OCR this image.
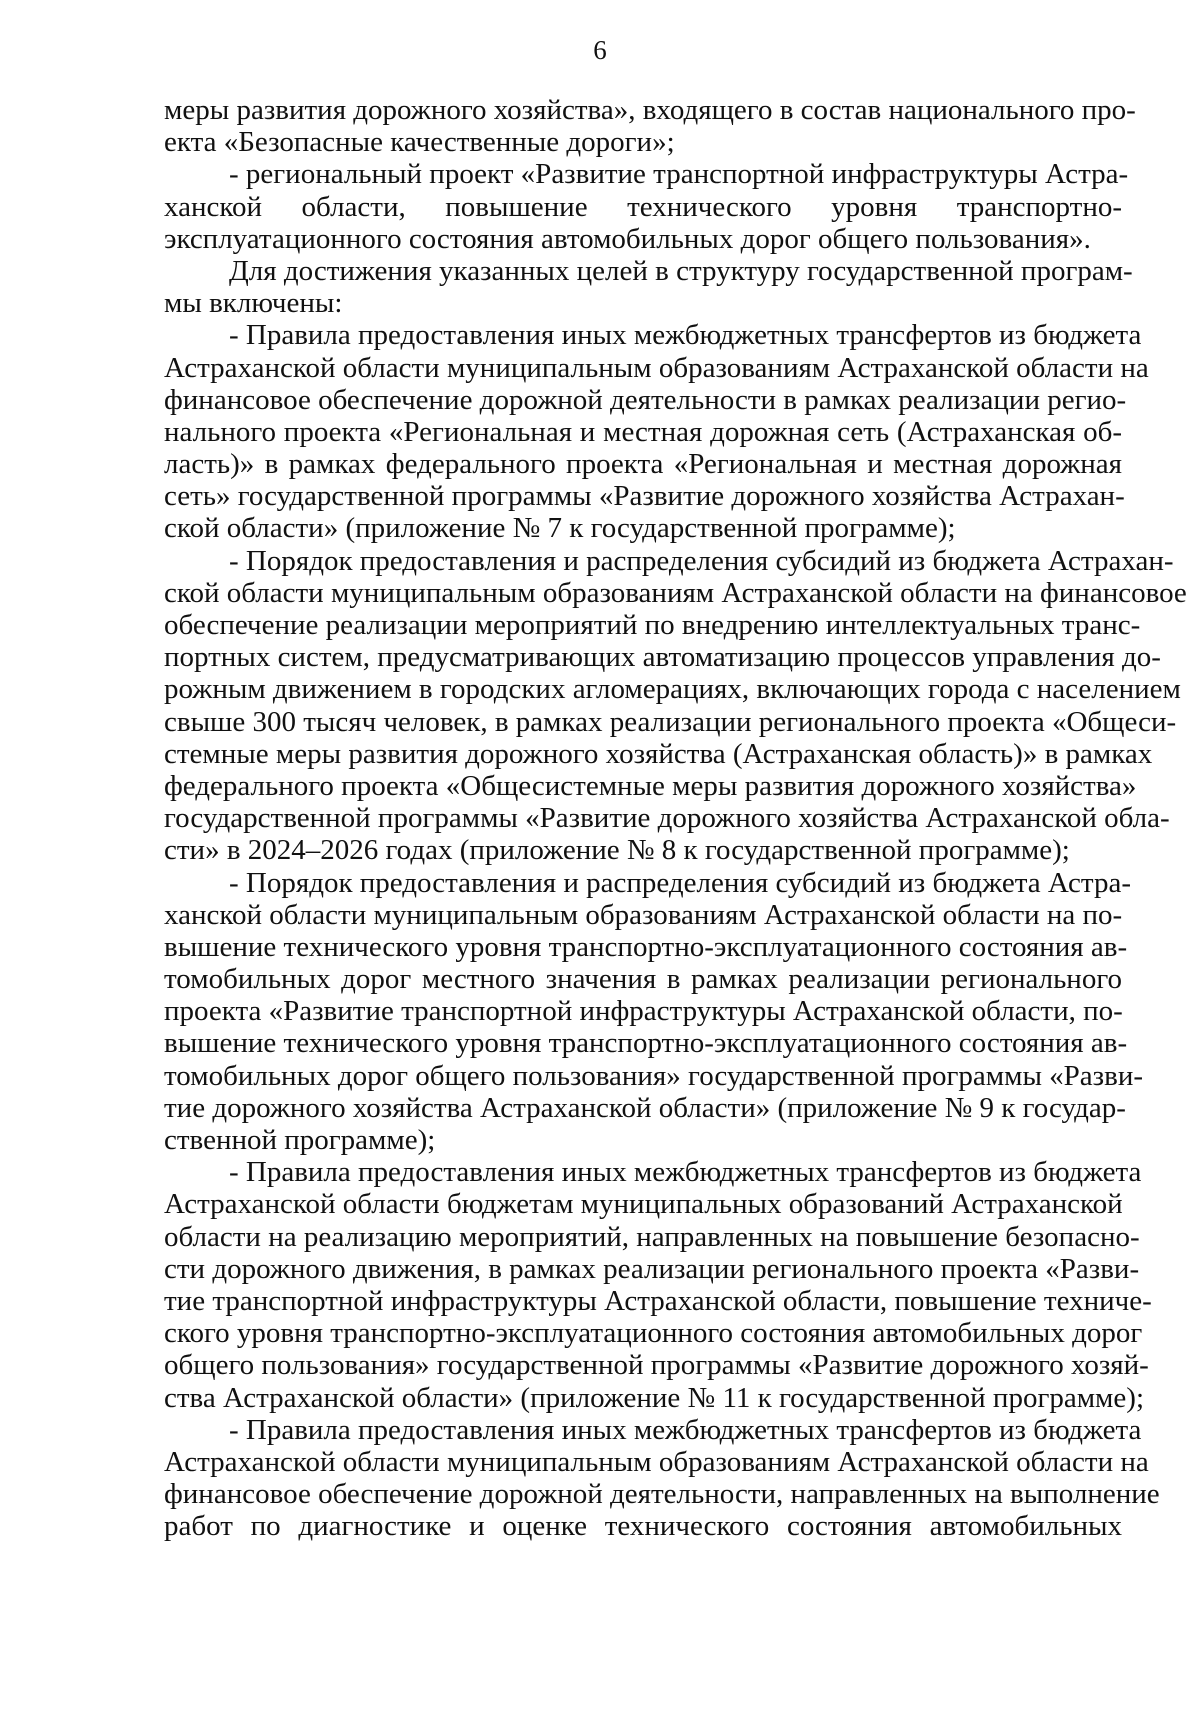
6
меры развития дорожного хозяйства», входящего в состав национального про-
екта «Безопасные качественные дороги»;
- региональный проект «Развитие транспортной инфраструктуры Астра-
ханской области, повышение технического уровня транспортно-
эксплуатационного состояния автомобильных дорог общего пользования».
Для достижения указанных целей в структуру государственной програм-
мы включены:
- Правила предоставления иных межбюджетных трансфертов из бюджета
Астраханской области муниципальным образованиям Астраханской области на
финансовое обеспечение дорожной деятельности в рамках реализации регио-
нального проекта «Региональная и местная дорожная сеть (Астраханская об-
ласть)» в рамках федерального проекта «Региональная и местная дорожная
сеть» государственной программы «Развитие дорожного хозяйства Астрахан-
ской области» (приложение № 7 к государственной программе);
- Порядок предоставления и распределения субсидий из бюджета Астрахан-
ской области муниципальным образованиям Астраханской области на финансовое
обеспечение реализации мероприятий по внедрению интеллектуальных транс-
портных систем, предусматривающих автоматизацию процессов управления до-
рожным движением в городских агломерациях, включающих города с населением
свыше 300 тысяч человек, в рамках реализации регионального проекта «Общеси-
стемные меры развития дорожного хозяйства (Астраханская область)» в рамках
федерального проекта «Общесистемные меры развития дорожного хозяйства»
государственной программы «Развитие дорожного хозяйства Астраханской обла-
сти» в 2024–2026 годах (приложение № 8 к государственной программе);
- Порядок предоставления и распределения субсидий из бюджета Астра-
ханской области муниципальным образованиям Астраханской области на по-
вышение технического уровня транспортно-эксплуатационного состояния ав-
томобильных дорог местного значения в рамках реализации регионального
проекта «Развитие транспортной инфраструктуры Астраханской области, по-
вышение технического уровня транспортно-эксплуатационного состояния ав-
томобильных дорог общего пользования» государственной программы «Разви-
тие дорожного хозяйства Астраханской области» (приложение № 9 к государ-
ственной программе);
- Правила предоставления иных межбюджетных трансфертов из бюджета
Астраханской области бюджетам муниципальных образований Астраханской
области на реализацию мероприятий, направленных на повышение безопасно-
сти дорожного движения, в рамках реализации регионального проекта «Разви-
тие транспортной инфраструктуры Астраханской области, повышение техниче-
ского уровня транспортно-эксплуатационного состояния автомобильных дорог
общего пользования» государственной программы «Развитие дорожного хозяй-
ства Астраханской области» (приложение № 11 к государственной программе);
- Правила предоставления иных межбюджетных трансфертов из бюджета
Астраханской области муниципальным образованиям Астраханской области на
финансовое обеспечение дорожной деятельности, направленных на выполнение
работ по диагностике и оценке технического состояния автомобильных
